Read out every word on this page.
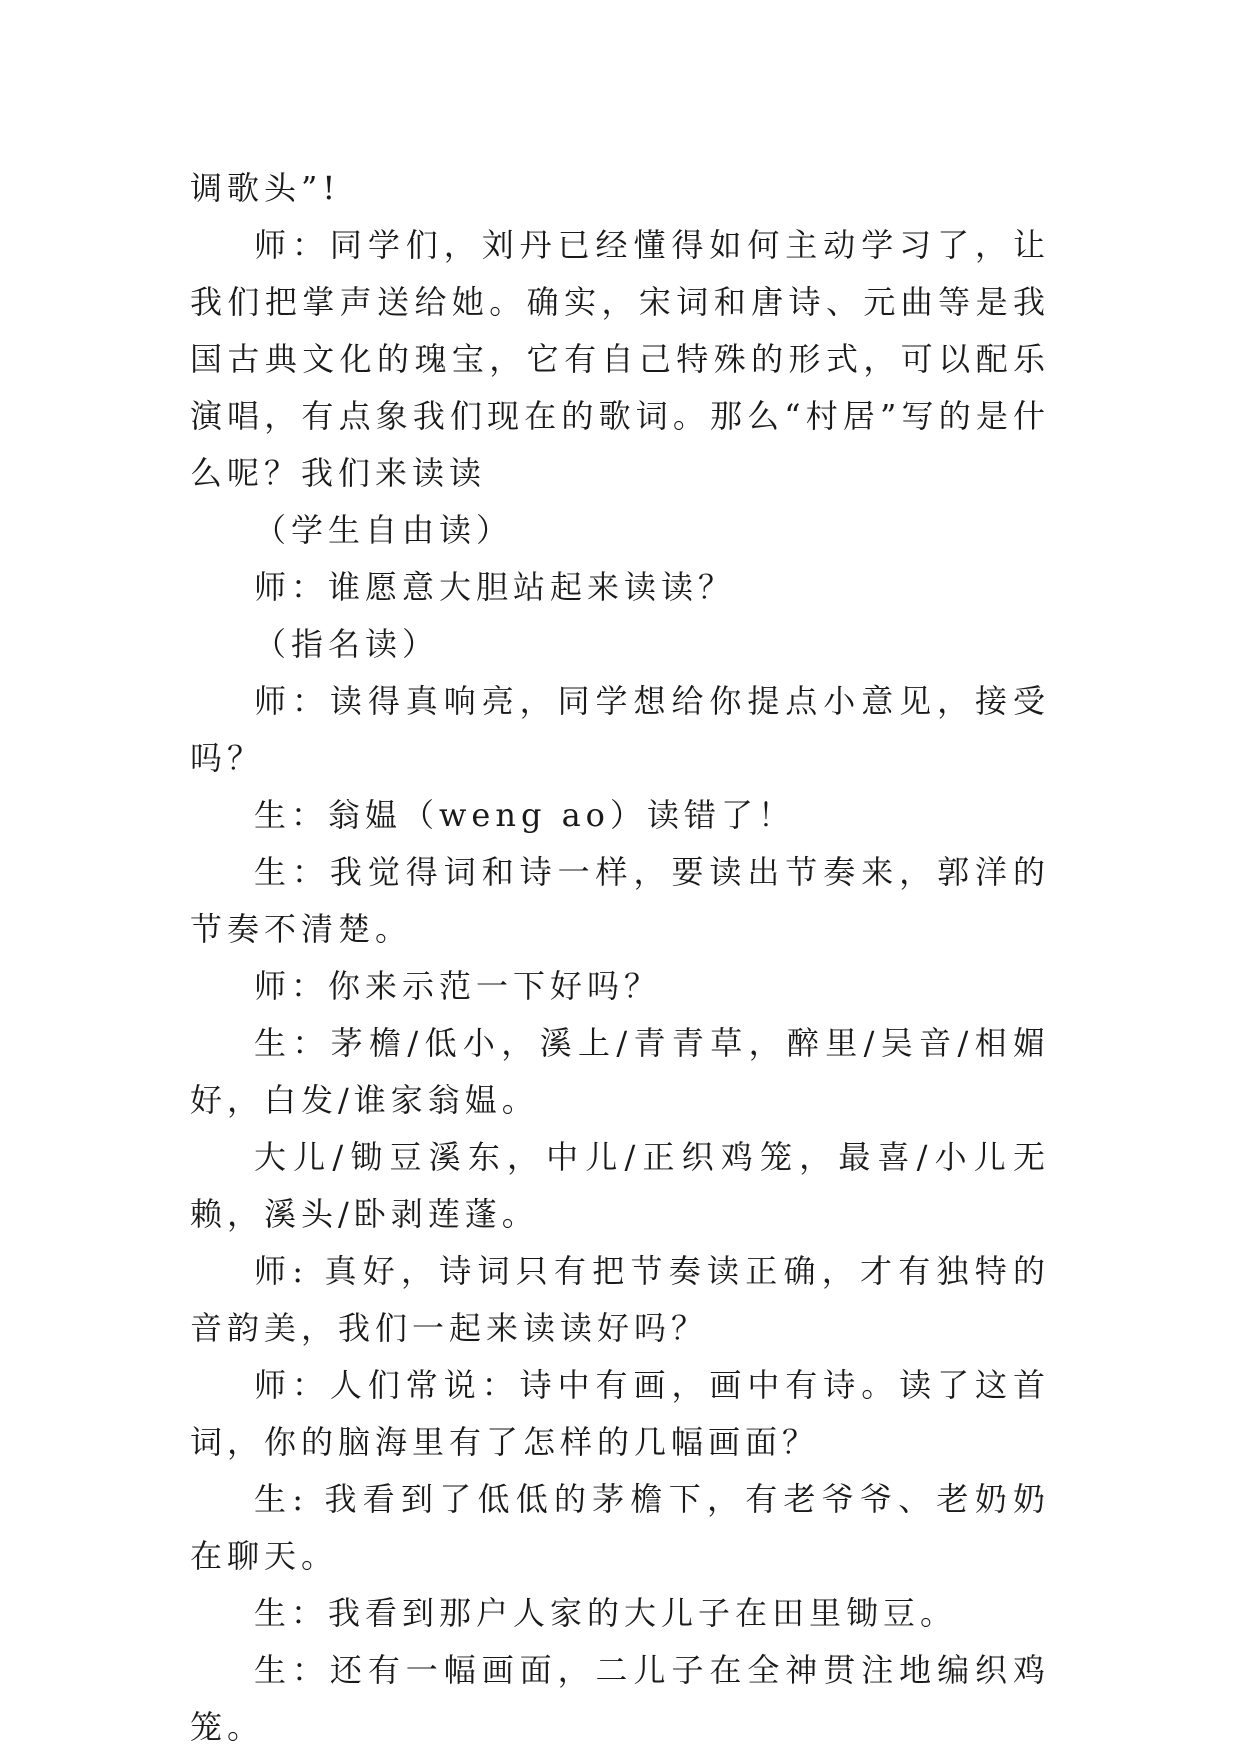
调歌头”!

师：同学们，刘丹已经懂得如何主动学习了，让我们把掌声送给她。确实，宋词和唐诗、元曲等是我国古典文化的瑰宝，它有自己特殊的形式，可以配乐演唱，有点象我们现在的歌词。那么“村居”写的是什么呢？我们来读读

（学生自由读）

师：谁愿意大胆站起来读读？

（指名读）

师：读得真响亮，同学想给你提点小意见，接受吗？

生：翁媪（weng ao）读错了！

生：我觉得词和诗一样，要读出节奏来，郭洋的节奏不清楚。

师：你来示范一下好吗？

生：茅檐/低小，溪上/青青草，醉里/吴音/相媚好，白发/谁家翁媪。

大儿/锄豆溪东，中儿/正织鸡笼，最喜/小儿无赖，溪头/卧剥莲蓬。

师: 真好，诗词只有把节奏读正确，才有独特的音韵美，我们一起来读读好吗？

师：人们常说：诗中有画，画中有诗。读了这首词，你的脑海里有了怎样的几幅画面？

生: 我看到了低低的茅檐下，有老爷爷、老奶奶在聊天。

生：我看到那户人家的大儿子在田里锄豆。

生：还有一幅画面，二儿子在全神贯注地编织鸡笼。
